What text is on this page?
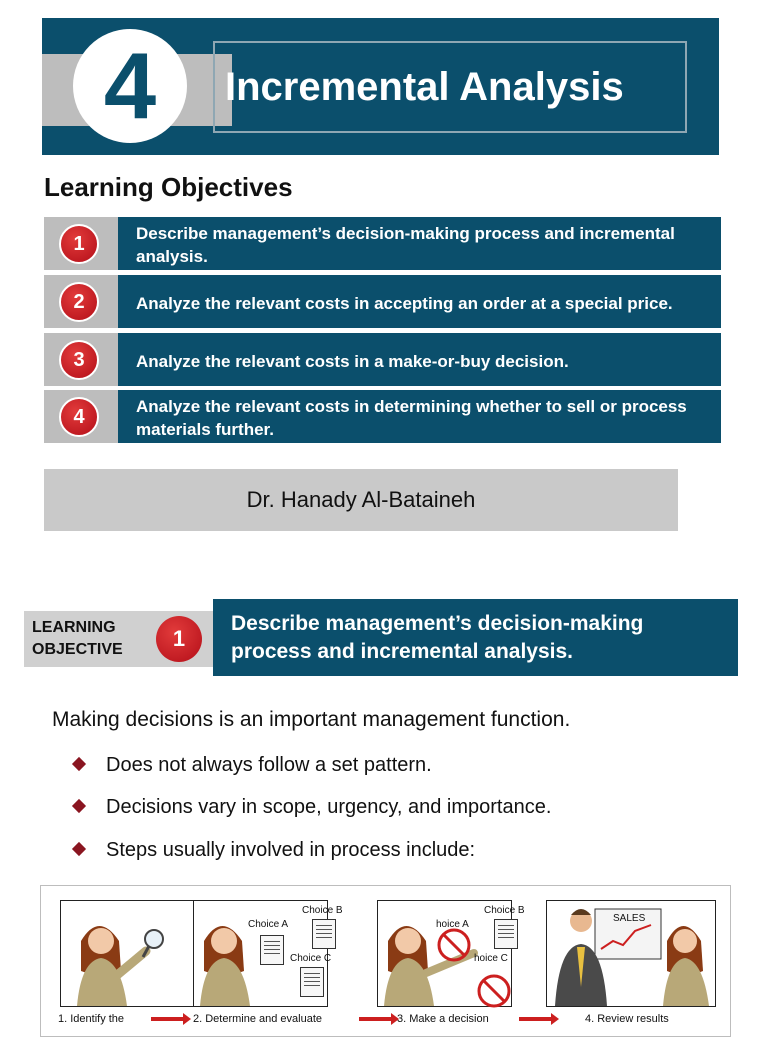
4	Incremental Analysis
Learning Objectives
1	Describe management’s decision-making process and incremental analysis.
2	Analyze the relevant costs in accepting an order at a special price.
3	Analyze the relevant costs in a make-or-buy decision.
4	Analyze the relevant costs in determining whether to sell or process materials further.
Dr. Hanady Al-Bataineh
LEARNING
OBJECTIVE	1
Describe management’s decision-making process and incremental analysis.
Making decisions is an important management function.
Does not always follow a set pattern.
Decisions vary in scope, urgency, and importance.
Steps usually involved in process include:
1. Identify the
Choice A
Choice B
Choice C
2. Determine and evaluate
hoice A
Choice B
hoice C
3. Make a decision
SALES
4. Review results
